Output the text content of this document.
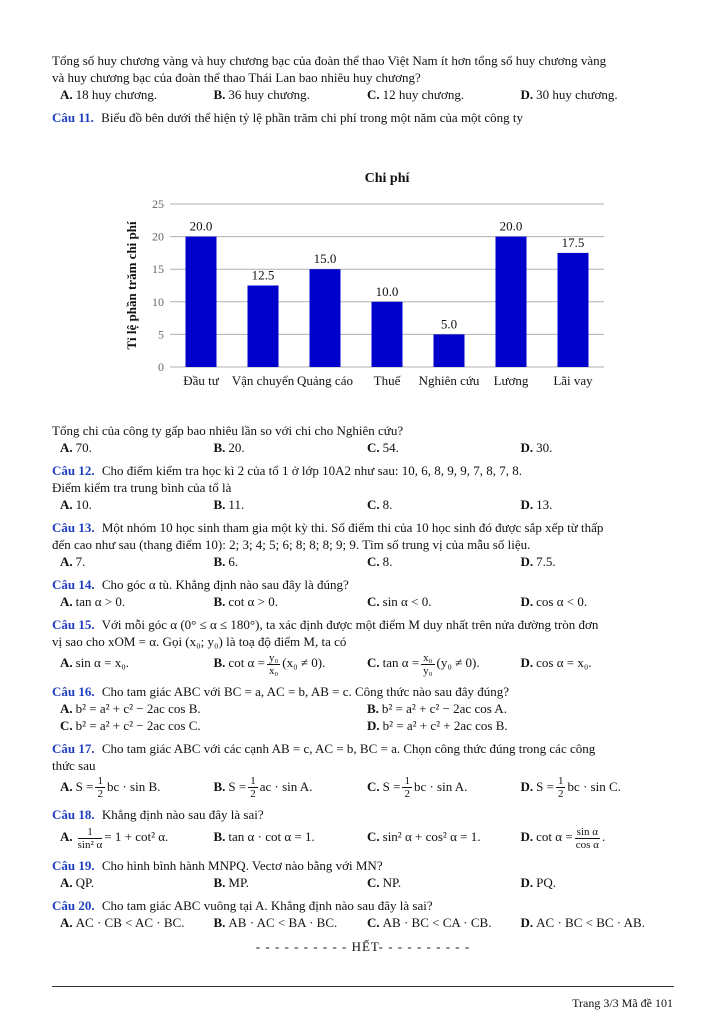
Tổng số huy chương vàng và huy chương bạc của đoàn thể thao Việt Nam ít hơn tổng số huy chương vàng
và huy chương bạc của đoàn thể thao Thái Lan bao nhiêu huy chương?
A. 18 huy chương.	B. 36 huy chương.	C. 12 huy chương.	D. 30 huy chương.
Câu 11. Biểu đồ bên dưới thể hiện tỷ lệ phần trăm chi phí trong một năm của một công ty
Chi phí
Tỉ lệ phần trăm chi phí
0
5
10
15
20
25
20.0
Đầu tư
12.5
Vận chuyển
15.0
Quảng cáo
10.0
Thuế
5.0
Nghiên cứu
20.0
Lương
17.5
Lãi vay
Tổng chi của công ty gấp bao nhiêu lần so với chi cho Nghiên cứu?
A. 70.	B. 20.	C. 54.	D. 30.
Câu 12. Cho điểm kiểm tra học kì 2 của tổ 1 ở lớp 10A2 như sau: 10, 6, 8, 9, 9, 7, 8, 7, 8.
Điểm kiểm tra trung bình của tổ là
A. 10.	B. 11.	C. 8.	D. 13.
Câu 13. Một nhóm 10 học sinh tham gia một kỳ thi. Số điểm thi của 10 học sinh đó được sắp xếp từ thấp
đến cao như sau (thang điểm 10): 2; 3; 4; 5; 6; 8; 8; 8; 9; 9. Tìm số trung vị của mẫu số liệu.
A. 7.	B. 6.	C. 8.	D. 7.5.
Câu 14. Cho góc α tù. Khẳng định nào sau đây là đúng?
A. tan α > 0.	B. cot α > 0.	C. sin α < 0.	D. cos α < 0.
Câu 15. Với mỗi góc α (0° ≤ α ≤ 180°), ta xác định được một điểm M duy nhất trên nửa đường tròn đơn
vị sao cho xOM = α. Gọi (x₀; y₀) là toạ độ điểm M, ta có
A. sin α = x₀.	B. $\cot \alpha = \frac{\text{y₀}}{\text{x₀}} (x_0 \ne 0)$.	C. $\tan \alpha = \frac{\text{x₀}}{\text{y₀}} (y_0 \ne 0)$.	D. cos α = x₀.
Câu 16. Cho tam giác ABC với BC = a, AC = b, AB = c. Công thức nào sau đây đúng?
A. b² = a² + c² − 2ac cos B.	B. b² = a² + c² − 2ac cos A.
C. b² = a² + c² − 2ac cos C.	D. b² = a² + c² + 2ac cos B.
Câu 17. Cho tam giác ABC với các cạnh AB = c, AC = b, BC = a. Chọn công thức đúng trong các công
thức sau
A. $S = \frac{1}{2}$ bc · sin B.	B. $S = \frac{1}{2}$ ac · sin A.	C. $S = \frac{1}{2}$ bc · sin A.	D. $S = \frac{1}{2}$ bc · sin C.
Câu 18. Khẳng định nào sau đây là sai?
A. $\frac{1}{\text{sin² α}} = 1 + \cot^2$ α.	B. tan α · cot α = 1.	C. sin² α + cos² α = 1.	D. $\cot \alpha = \frac{\text{sin α}}{\text{cos α}}$ .
Câu 19. Cho hình bình hành MNPQ. Vectơ nào bằng với MN?
A. QP.	B. MP.	C. NP.	D. PQ.
Câu 20. Cho tam giác ABC vuông tại A. Khẳng định nào sau đây là sai?
A. AC · CB < AC · BC.	B. AB · AC < BA · BC.	C. AB · BC < CA · CB.	D. AC · BC < BC · AB.
- - - - - - - - - - HẾT- - - - - - - - - -
Trang 3/3 Mã đề 101
